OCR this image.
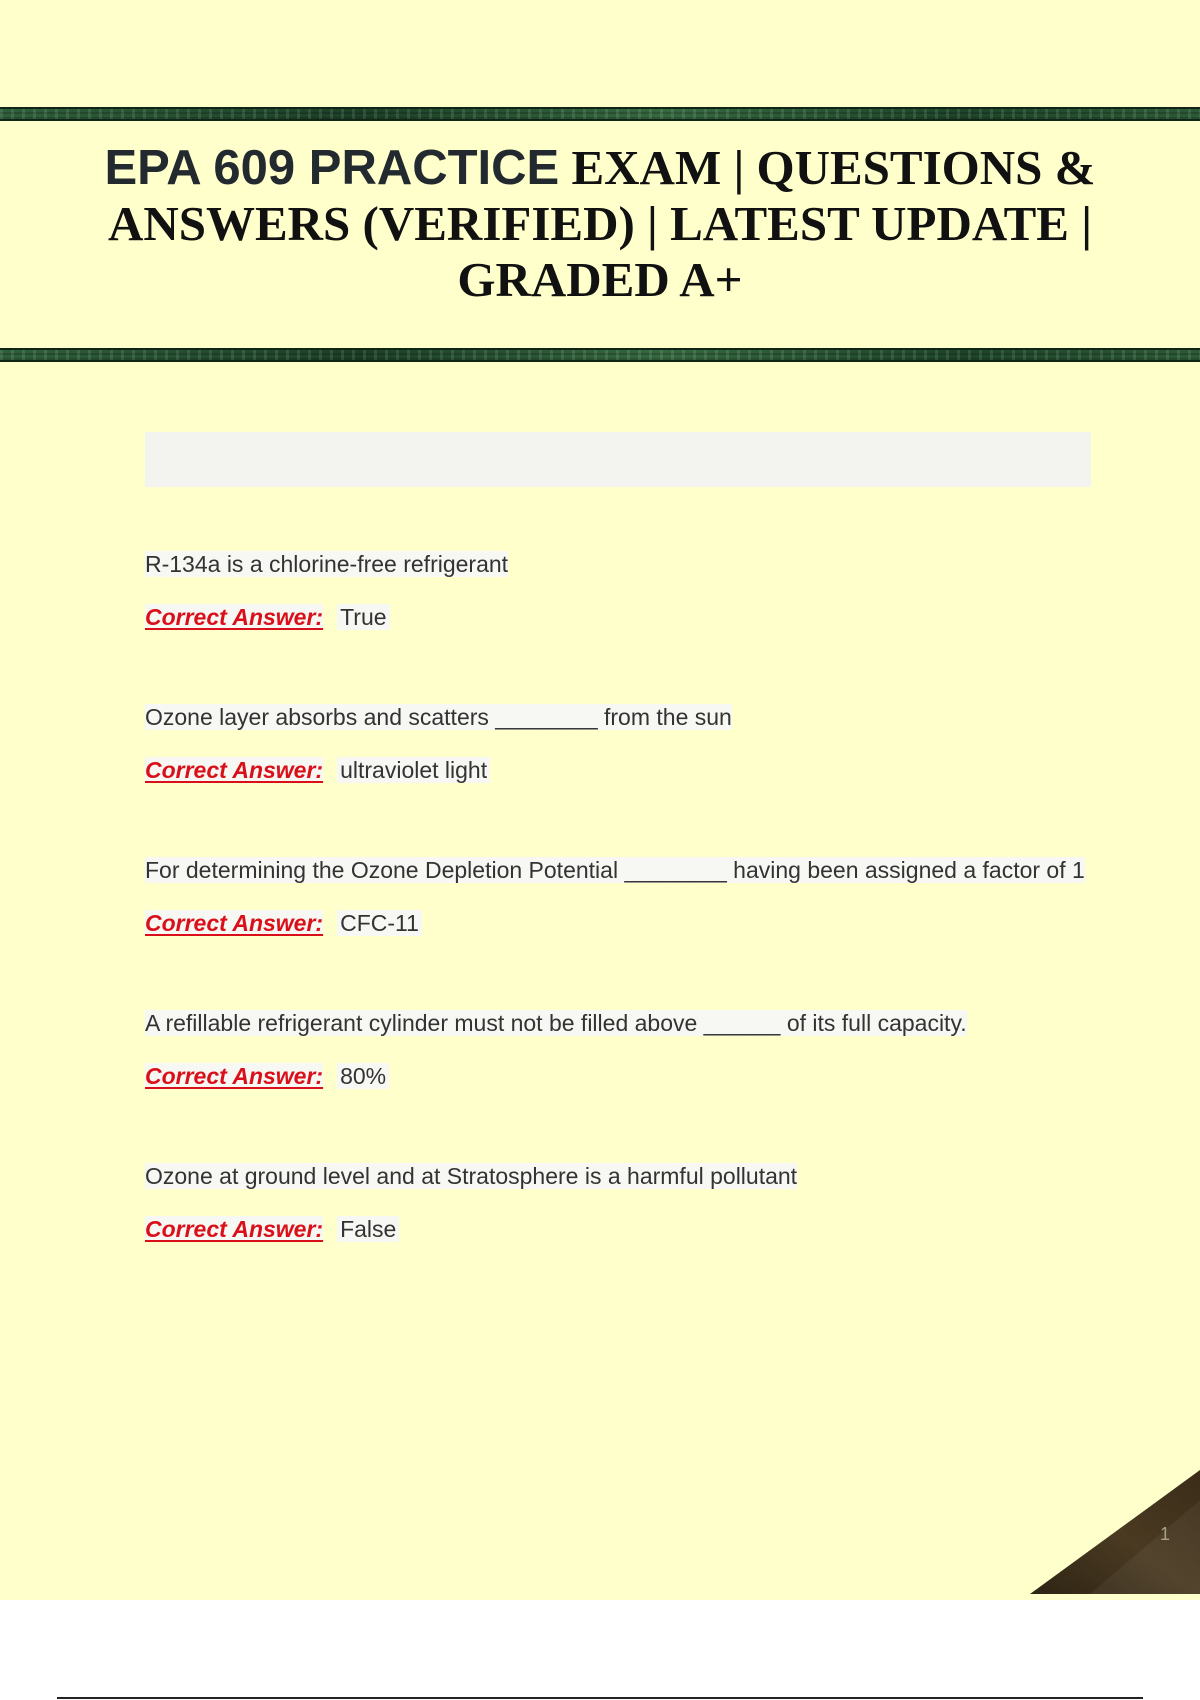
EPA 609 PRACTICE EXAM | QUESTIONS & ANSWERS (VERIFIED) | LATEST UPDATE | GRADED A+

R-134a is a chlorine-free refrigerant

Correct Answer: True

Ozone layer absorbs and scatters ________ from the sun

Correct Answer: ultraviolet light

For determining the Ozone Depletion Potential ________ having been assigned a factor of 1

Correct Answer: CFC-11

A refillable refrigerant cylinder must not be filled above ______ of its full capacity.

Correct Answer: 80%

Ozone at ground level and at Stratosphere is a harmful pollutant

Correct Answer: False

1
